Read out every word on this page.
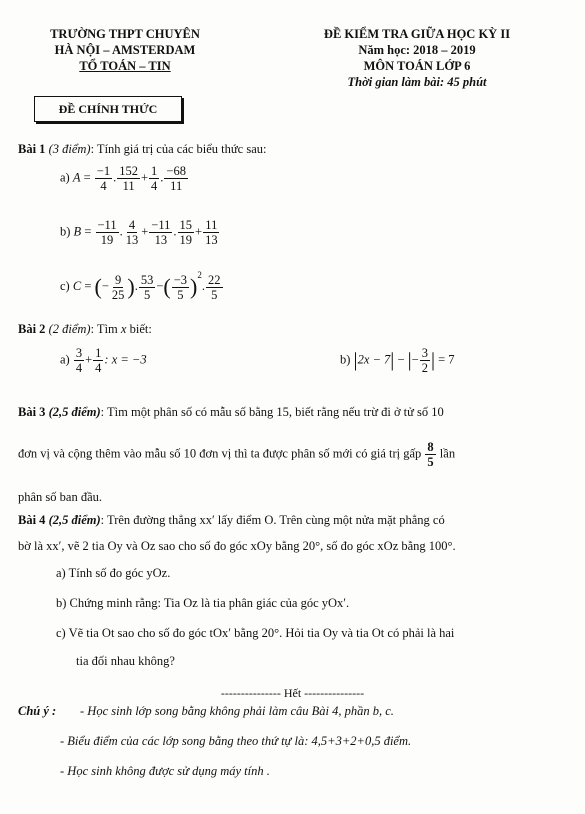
TRƯỜNG THPT CHUYÊN
HÀ NỘI – AMSTERDAM
TỔ TOÁN – TIN
ĐỀ KIỂM TRA GIỮA HỌC KỲ II
Năm học: 2018 – 2019
MÔN TOÁN LỚP 6
Thời gian làm bài: 45 phút
ĐỀ CHÍNH THỨC
Bài 1 (3 điểm): Tính giá trị của các biểu thức sau:
a) $A = \frac{-1}{4}$ . $\frac{152}{11} + \frac{1}{4}$ . $\frac{-68}{11}$
b) $B = \frac{-11}{19}$ . $\frac{4}{13} + \frac{-11}{13}$ . $\frac{15}{19} + \frac{11}{13}$
c) C = (− $\frac{9}{25}$ ). $\frac{53}{5}$ −( $\frac{-3}{5} )^2$. $\frac{22}{5}$
Bài 2 (2 điểm): Tìm x biết:
$a) \frac{3}{4} + \frac{1}{4}$ : x = −3	b) |2x − 7| − |− $\frac{3}{2}$ | = 7
Bài 3 (2,5 điểm): Tìm một phân số có mẫu số bằng 15, biết rằng nếu trừ đi ở tử số 10
đơn vị và cộng thêm vào mẫu số 10 đơn vị thì ta được phân số mới có giá trị gấp $\frac{8}{5}$ lần
phân số ban đầu.
Bài 4 (2,5 điểm): Trên đường thẳng xx′ lấy điểm O. Trên cùng một nửa mặt phẳng có
bờ là xx′, vẽ 2 tia Oy và Oz sao cho số đo góc xOy bằng 20°, số đo góc xOz bằng 100°.
a) Tính số đo góc yOz.
b) Chứng minh rằng: Tia Oz là tia phân giác của góc yOx′.
c) Vẽ tia Ot sao cho số đo góc tOx′ bằng 20°. Hỏi tia Oy và tia Ot có phải là hai
tia đối nhau không?
--------------- Hết ---------------
Chú ý : - Học sinh lớp song bằng không phải làm câu Bài 4, phần b, c.
- Biểu điểm của các lớp song bằng theo thứ tự là: 4,5+3+2+0,5 điểm.
- Học sinh không được sử dụng máy tính .
